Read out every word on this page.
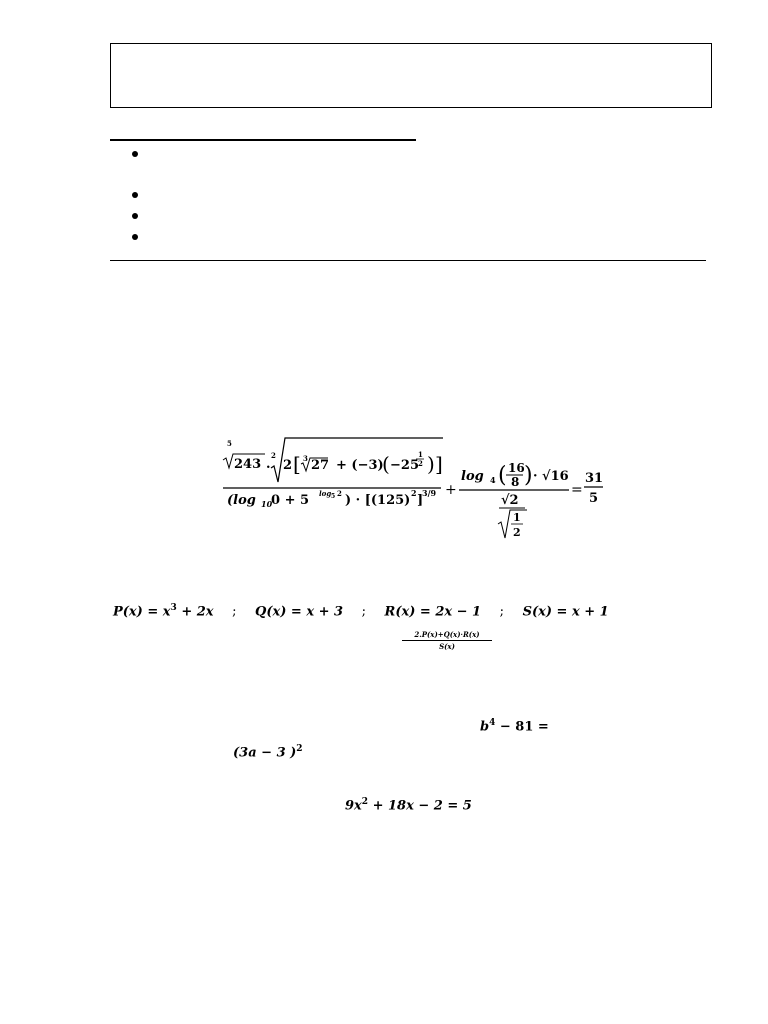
5
243 .
2
2 [ 3 27 + (−3)
( −25
1
2 ) ]
(log 10
0 + 5 log 5 2 ) · [(125) 2 ]
3/9 +
log 4 ( 16
8 ) · √16
√2
1
2
=
31
5
$P(x) = x^3 + 2x$ ; Q(x) = x + 3 ; R(x) = 2x − 1 ; S(x) = x + 1
2.P(x)+Q(x)·R(x)
S(x)
$b^4 - 81$ =
(3a − 3 )$^2$
$9x^2 + 18x - 2 = 5$
